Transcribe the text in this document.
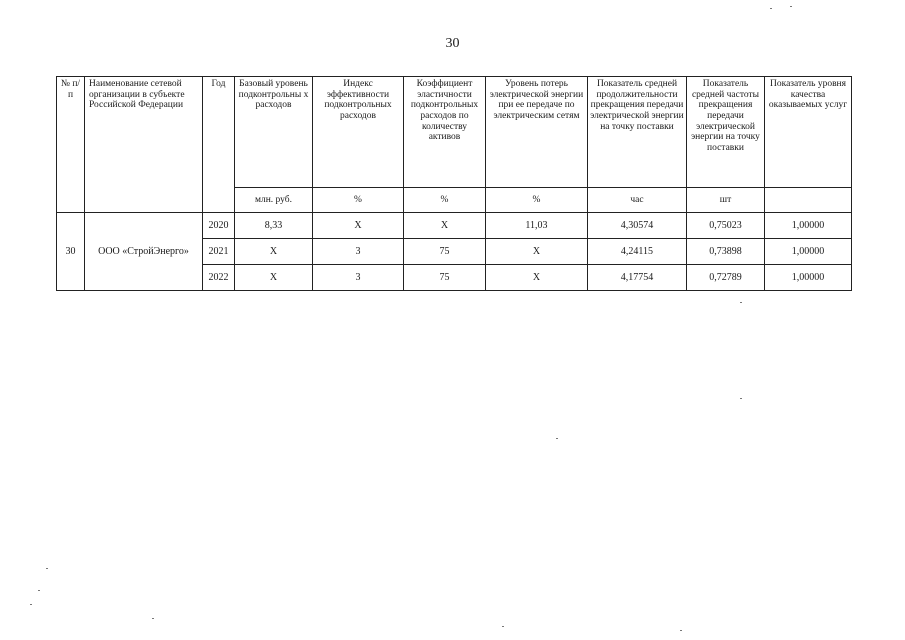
30
№ п/п	Наименование сетевой организации в субъекте Российской Федерации	Год	Базовый уровень подконтрольны х расходов	Индекс эффективности подконтрольных расходов	Коэффициент эластичности подконтрольных расходов по количеству активов	Уровень потерь электрической энергии при ее передаче по электрическим сетям	Показатель средней продолжительности прекращения передачи электрической энергии на точку поставки	Показатель средней частоты прекращения передачи электрической энергии на точку поставки	Показатель уровня качества оказываемых услуг
			млн. руб.	%	%	%	час	шт	
30	ООО «СтройЭнерго»	2020	8,33	X	X	11,03	4,30574	0,75023	1,00000
		2021	X	3	75	X	4,24115	0,73898	1,00000
		2022	X	3	75	X	4,17754	0,72789	1,00000
